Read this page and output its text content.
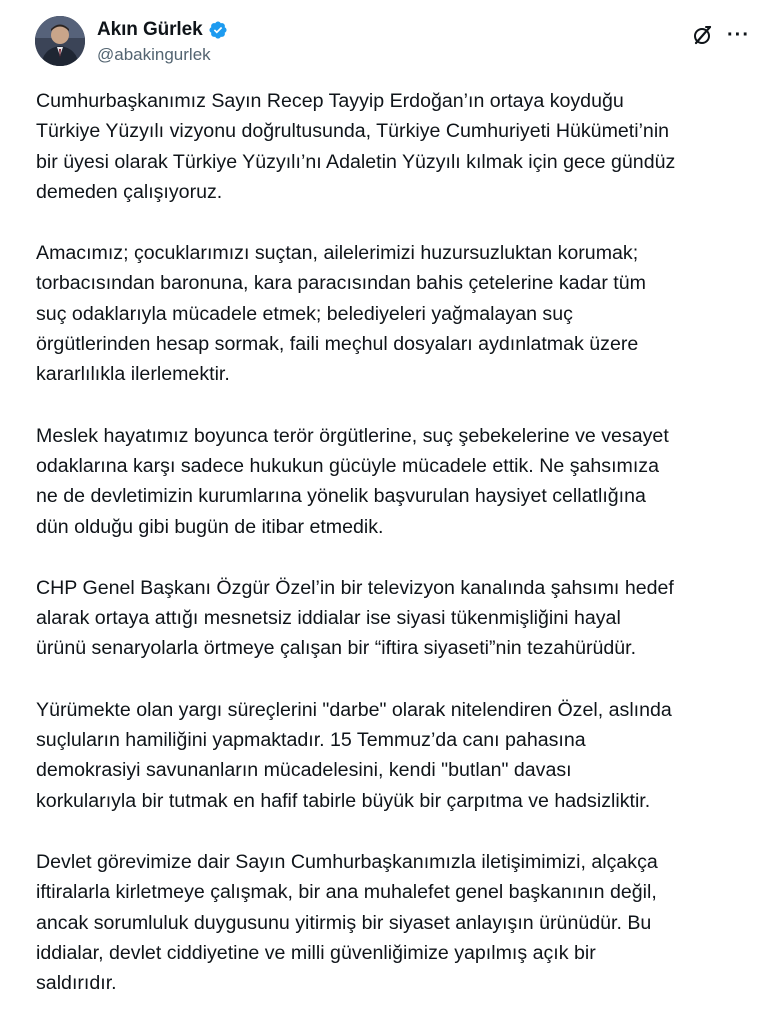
Akın Gürlek
@abakingurlek
···

Cumhurbaşkanımız Sayın Recep Tayyip Erdoğan’ın ortaya koyduğu
Türkiye Yüzyılı vizyonu doğrultusunda, Türkiye Cumhuriyeti Hükümeti’nin
bir üyesi olarak Türkiye Yüzyılı’nı Adaletin Yüzyılı kılmak için gece gündüz
demeden çalışıyoruz.

Amacımız; çocuklarımızı suçtan, ailelerimizi huzursuzluktan korumak;
torbacısından baronuna, kara paracısından bahis çetelerine kadar tüm
suç odaklarıyla mücadele etmek; belediyeleri yağmalayan suç
örgütlerinden hesap sormak, faili meçhul dosyaları aydınlatmak üzere
kararlılıkla ilerlemektir.

Meslek hayatımız boyunca terör örgütlerine, suç şebekelerine ve vesayet
odaklarına karşı sadece hukukun gücüyle mücadele ettik. Ne şahsımıza
ne de devletimizin kurumlarına yönelik başvurulan haysiyet cellatlığına
dün olduğu gibi bugün de itibar etmedik.

CHP Genel Başkanı Özgür Özel’in bir televizyon kanalında şahsımı hedef
alarak ortaya attığı mesnetsiz iddialar ise siyasi tükenmişliğini hayal
ürünü senaryolarla örtmeye çalışan bir “iftira siyaseti”nin tezahürüdür.

Yürümekte olan yargı süreçlerini "darbe" olarak nitelendiren Özel, aslında
suçluların hamiliğini yapmaktadır. 15 Temmuz’da canı pahasına
demokrasiyi savunanların mücadelesini, kendi "butlan" davası
korkularıyla bir tutmak en hafif tabirle büyük bir çarpıtma ve hadsizliktir.

Devlet görevimize dair Sayın Cumhurbaşkanımızla iletişimimizi, alçakça
iftiralarla kirletmeye çalışmak, bir ana muhalefet genel başkanının değil,
ancak sorumluluk duygusunu yitirmiş bir siyaset anlayışın ürünüdür. Bu
iddialar, devlet ciddiyetine ve milli güvenliğimize yapılmış açık bir
saldırıdır.
